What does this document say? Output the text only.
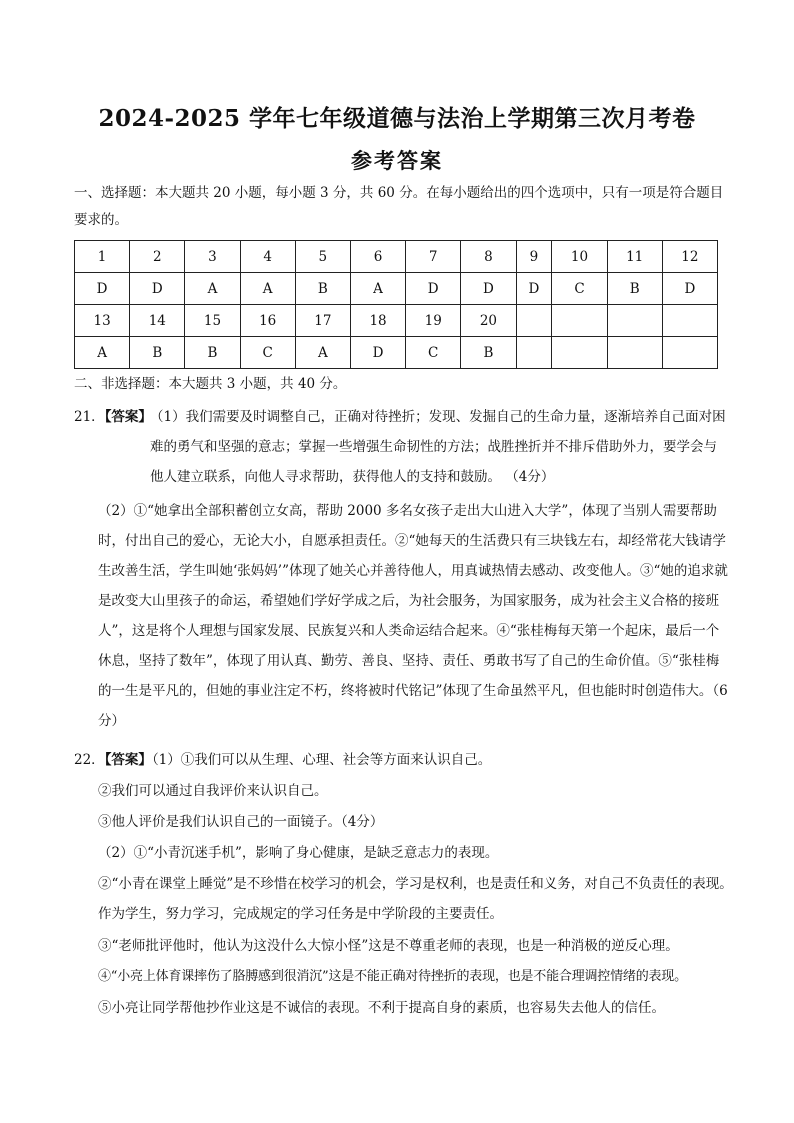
2024-2025 学年七年级道德与法治上学期第三次月考卷
参考答案
一、选择题：本大题共 20 小题，每小题 3 分，共 60 分。在每小题给出的四个选项中，只有一项是符合题目要求的。
1	2	3	4	5	6	7	8	9	10	11	12
D	D	A	A	B	A	D	D	D	C	B	D
13	14	15	16	17	18	19	20				
A	B	B	C	A	D	C	B				
二、非选择题：本大题共 3 小题，共 40 分。
21．【答案】
（1）我们需要及时调整自己，正确对待挫折；发现、发掘自己的生命力量，逐渐培养自己面对困难的勇气和坚强的意志；掌握一些增强生命韧性的方法；战胜挫折并不排斥借助外力，要学会与他人建立联系，向他人寻求帮助，获得他人的支持和鼓励。 （4分）
（2）①“她拿出全部积蓄创立女高，帮助 2000 多名女孩子走出大山进入大学”，体现了当别人需要帮助时，付出自己的爱心，无论大小，自愿承担责任。②“她每天的生活费只有三块钱左右，却经常花大钱请学生改善生活，学生叫她‘张妈妈’”体现了她关心并善待他人，用真诚热情去感动、改变他人。③“她的追求就是改变大山里孩子的命运，希望她们学好学成之后，为社会服务，为国家服务，成为社会主义合格的接班人”，这是将个人理想与国家发展、民族复兴和人类命运结合起来。④“张桂梅每天第一个起床，最后一个休息，坚持了数年”，体现了用认真、勤劳、善良、坚持、责任、勇敢书写了自己的生命价值。⑤“张桂梅的一生是平凡的，但她的事业注定不朽，终将被时代铭记”体现了生命虽然平凡，但也能时时创造伟大。（6分）
22．【答案】（1）①我们可以从生理、心理、社会等方面来认识自己。
②我们可以通过自我评价来认识自己。
③他人评价是我们认识自己的一面镜子。（4分）
（2）①“小青沉迷手机”，影响了身心健康，是缺乏意志力的表现。
②“小青在课堂上睡觉”是不珍惜在校学习的机会，学习是权利，也是责任和义务，对自己不负责任的表现。作为学生，努力学习，完成规定的学习任务是中学阶段的主要责任。
③“老师批评他时，他认为这没什么大惊小怪”这是不尊重老师的表现，也是一种消极的逆反心理。
④“小亮上体育课摔伤了胳膊感到很消沉”这是不能正确对待挫折的表现，也是不能合理调控情绪的表现。
⑤小亮让同学帮他抄作业这是不诚信的表现。不利于提高自身的素质，也容易失去他人的信任。
